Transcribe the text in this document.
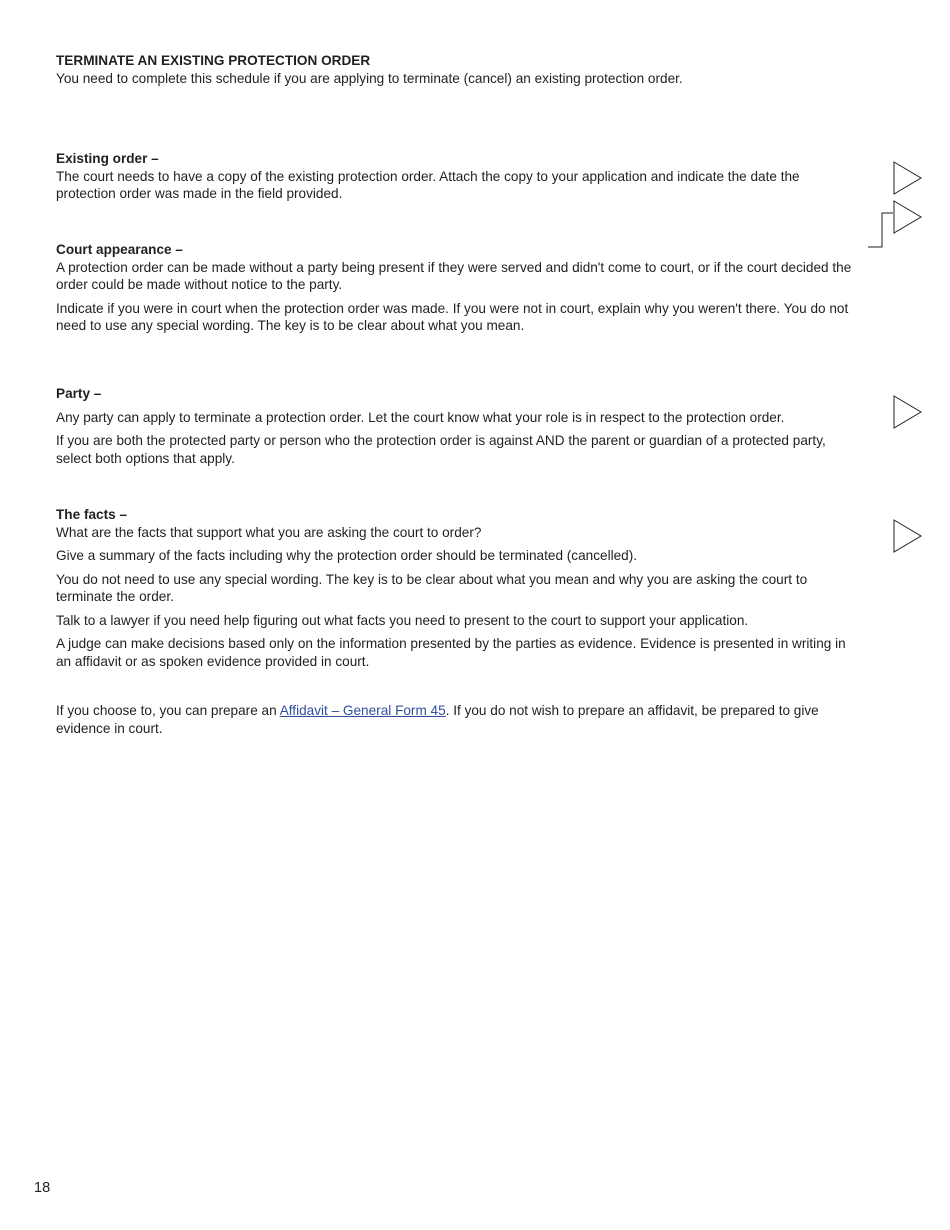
TERMINATE AN EXISTING PROTECTION ORDER

You need to complete this schedule if you are applying to terminate (cancel) an existing protection order.

Existing order –

The court needs to have a copy of the existing protection order. Attach the copy to your application and indicate the date the protection order was made in the field provided.

Court appearance –

A protection order can be made without a party being present if they were served and didn't come to court, or if the court decided the order could be made without notice to the party.

Indicate if you were in court when the protection order was made. If you were not in court, explain why you weren't there. You do not need to use any special wording. The key is to be clear about what you mean.

Party –

Any party can apply to terminate a protection order. Let the court know what your role is in respect to the protection order.

If you are both the protected party or person who the protection order is against AND the parent or guardian of a protected party, select both options that apply.

The facts –

What are the facts that support what you are asking the court to order?

Give a summary of the facts including why the protection order should be terminated (cancelled).

You do not need to use any special wording. The key is to be clear about what you mean and why you are asking the court to terminate the order.

Talk to a lawyer if you need help figuring out what facts you need to present to the court to support your application.

A judge can make decisions based only on the information presented by the parties as evidence. Evidence is presented in writing in an affidavit or as spoken evidence provided in court.

If you choose to, you can prepare an Affidavit – General Form 45. If you do not wish to prepare an affidavit, be prepared to give evidence in court.

18
